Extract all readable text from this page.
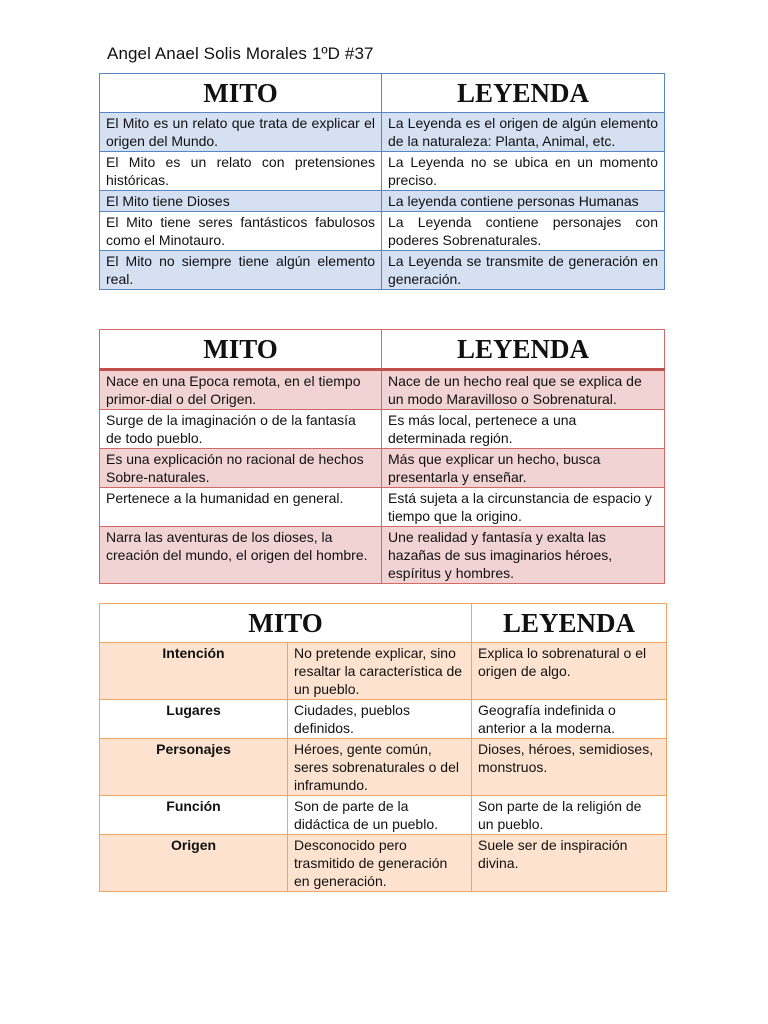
Angel Anael Solis Morales 1ºD #37
MITO	LEYENDA
El Mito es un relato que trata de explicar el origen del Mundo.	La Leyenda es el origen de algún elemento de la naturaleza: Planta, Animal, etc.
El Mito es un relato con pretensiones históricas.	La Leyenda no se ubica en un momento preciso.
El Mito tiene Dioses	La leyenda contiene personas Humanas
El Mito tiene seres fantásticos fabulosos como el Minotauro.	La Leyenda contiene personajes con poderes Sobrenaturales.
El Mito no siempre tiene algún elemento real.	La Leyenda se transmite de generación en generación.
MITO	LEYENDA
Nace en una Epoca remota, en el tiempo primor-dial o del Origen.	Nace de un hecho real que se explica de un modo Maravilloso o Sobrenatural.
Surge de la imaginación o de la fantasía de todo pueblo.	Es más local, pertenece a una determinada región.
Es una explicación no racional de hechos Sobre-naturales.	Más que explicar un hecho, busca presentarla y enseñar.
Pertenece a la humanidad en general.	Está sujeta a la circunstancia de espacio y tiempo que la origino.
Narra las aventuras de los dioses, la creación del mundo, el origen del hombre.	Une realidad y fantasía y exalta las hazañas de sus imaginarios héroes, espíritus y hombres.
MITO		LEYENDA
Intención	No pretende explicar, sino resaltar la característica de un pueblo.	Explica lo sobrenatural o el origen de algo.
Lugares	Ciudades, pueblos definidos.	Geografía indefinida o anterior a la moderna.
Personajes	Héroes, gente común, seres sobrenaturales o del inframundo.	Dioses, héroes, semidioses, monstruos.
Función	Son de parte de la didáctica de un pueblo.	Son parte de la religión de un pueblo.
Origen	Desconocido pero trasmitido de generación en generación.	Suele ser de inspiración divina.
